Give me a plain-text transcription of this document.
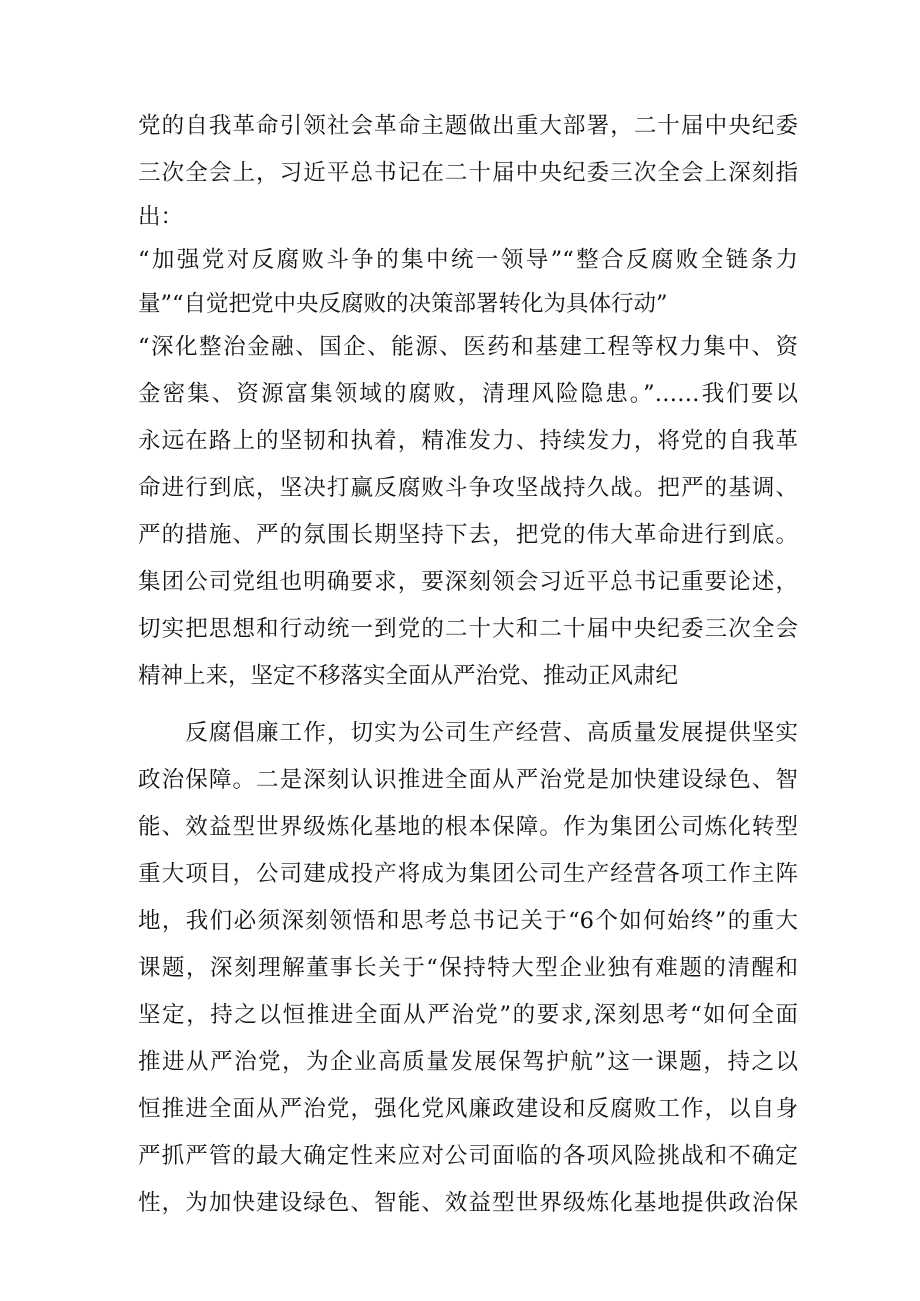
党的自我革命引领社会革命主题做出重大部署，二十届中央纪委
三次全会上，习近平总书记在二十届中央纪委三次全会上深刻指
出：
“加强党对反腐败斗争的集中统一领导”“整合反腐败全链条力
量”“自觉把党中央反腐败的决策部署转化为具体行动”
“深化整治金融、国企、能源、医药和基建工程等权力集中、资
金密集、资源富集领域的腐败，清理风险隐患。”……我们要以
永远在路上的坚韧和执着，精准发力、持续发力，将党的自我革
命进行到底，坚决打赢反腐败斗争攻坚战持久战。把严的基调、
严的措施、严的氛围长期坚持下去，把党的伟大革命进行到底。
集团公司党组也明确要求，要深刻领会习近平总书记重要论述，
切实把思想和行动统一到党的二十大和二十届中央纪委三次全会
精神上来，坚定不移落实全面从严治党、推动正风肃纪
　　反腐倡廉工作，切实为公司生产经营、高质量发展提供坚实
政治保障。二是深刻认识推进全面从严治党是加快建设绿色、智
能、效益型世界级炼化基地的根本保障。作为集团公司炼化转型
重大项目，公司建成投产将成为集团公司生产经营各项工作主阵
地，我们必须深刻领悟和思考总书记关于“6个如何始终”的重大
课题，深刻理解董事长关于“保持特大型企业独有难题的清醒和
坚定，持之以恒推进全面从严治党”的要求,深刻思考“如何全面
推进从严治党，为企业高质量发展保驾护航”这一课题，持之以
恒推进全面从严治党，强化党风廉政建设和反腐败工作，以自身
严抓严管的最大确定性来应对公司面临的各项风险挑战和不确定
性，为加快建设绿色、智能、效益型世界级炼化基地提供政治保
